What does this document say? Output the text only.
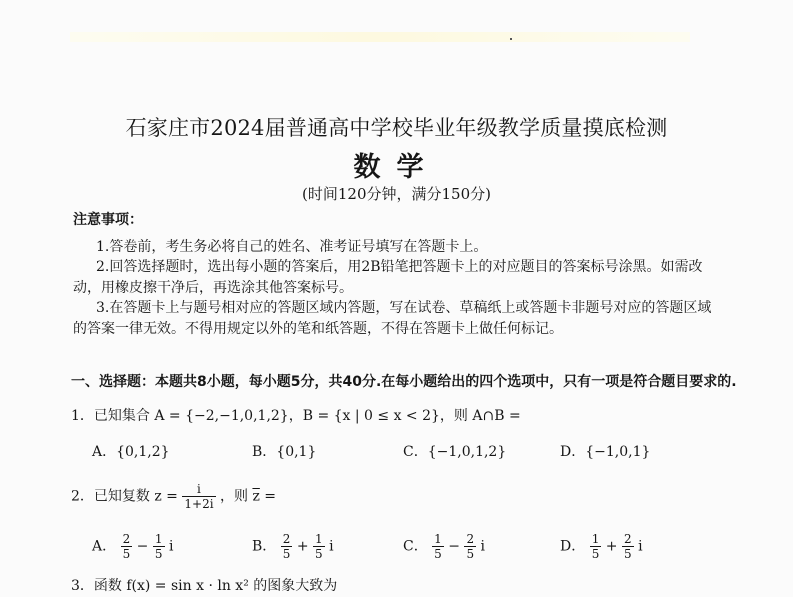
石家庄市2024届普通高中学校毕业年级教学质量摸底检测
数学
(时间120分钟，满分150分)
注意事项：
1.答卷前，考生务必将自己的姓名、准考证号填写在答题卡上。
2.回答选择题时，选出每小题的答案后，用2B铅笔把答题卡上的对应题目的答案标号涂黑。如需改动，用橡皮擦干净后，再选涂其他答案标号。
3.在答题卡上与题号相对应的答题区域内答题，写在试卷、草稿纸上或答题卡非题号对应的答题区域的答案一律无效。不得用规定以外的笔和纸答题，不得在答题卡上做任何标记。
一、选择题：本题共8小题，每小题5分，共40分.在每小题给出的四个选项中，只有一项是符合题目要求的.
1．已知集合 A = {−2,−1,0,1,2}，B = {x | 0 ≤ x < 2}，则 A∩B =
A．{0,1,2}	B．{0,1}	C．{−1,0,1,2}	D．{−1,0,1}
2．已知复数 $z = \frac{i}{1+2i}$ ，则 $\overline{z}$ =
A． $\frac{2}{5} - \frac{1}{5}$ i	B． $\frac{2}{5} + \frac{1}{5}$ i	C． $\frac{1}{5} - \frac{2}{5}$ i	D． $\frac{1}{5} + \frac{2}{5}$ i
3．函数 f(x) = sin x · ln x² 的图象大致为
